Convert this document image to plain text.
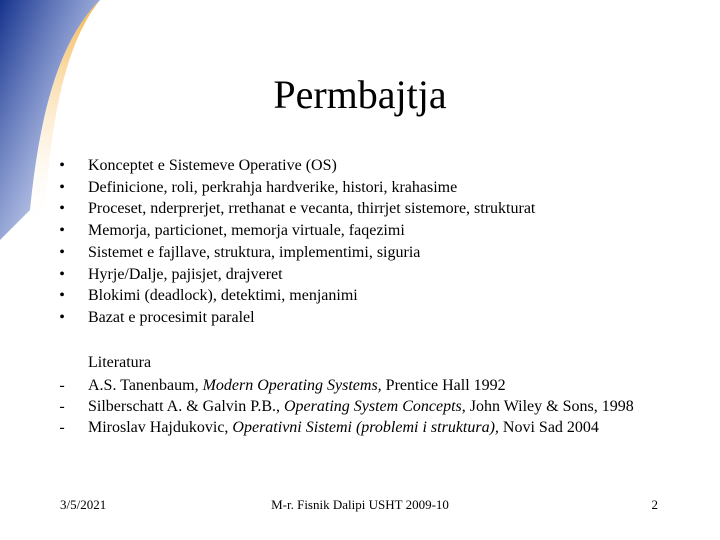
Permbajtja
• Konceptet e Sistemeve Operative (OS)
• Definicione, roli, perkrahja hardverike, histori, krahasime
• Proceset, nderprerjet, rrethanat e vecanta, thirrjet sistemore, strukturat
• Memorja, particionet, memorja virtuale, faqezimi
• Sistemet e fajllave, struktura, implementimi, siguria
• Hyrje/Dalje, pajisjet, drajveret
• Blokimi (deadlock), detektimi, menjanimi
• Bazat e procesimit paralel
Literatura
- A.S. Tanenbaum, Modern Operating Systems, Prentice Hall 1992
- Silberschatt A. & Galvin P.B., Operating System Concepts, John Wiley & Sons, 1998
- Miroslav Hajdukovic, Operativni Sistemi (problemi i struktura), Novi Sad 2004
3/5/2021	M-r. Fisnik Dalipi USHT 2009-10	2
